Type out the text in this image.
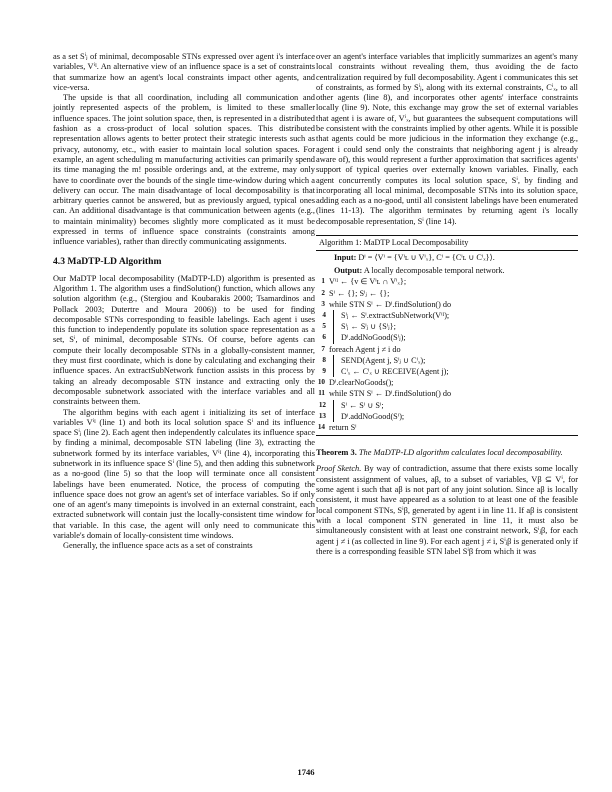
as a set Sⁱⱼ of minimal, decomposable STNs expressed over agent i's interface variables, Vⁱᴵ. An alternative view of an influence space is a set of constraints that summarize how an agent's local constraints impact other agents, and vice-versa.

The upside is that all coordination, including all communication and jointly represented aspects of the problem, is limited to these smaller influence spaces. The joint solution space, then, is represented in a distributed fashion as a cross-product of local solution spaces. This distributed representation allows agents to better protect their strategic interests such as privacy, autonomy, etc., with easier to maintain local solution spaces. For example, an agent scheduling m manufacturing activities can primarily spend its time managing the m! possible orderings and, at the extreme, may only have to coordinate over the bounds of the single time-window during which a delivery can occur. The main disadvantage of local decomposability is that arbitrary queries cannot be answered, but as previously argued, typical ones can. An additional disadvantage is that communication between agents (e.g., to maintain minimality) becomes slightly more complicated as it must be expressed in terms of influence space constraints (constraints among influence variables), rather than directly communicating assignments.

4.3 MaDTP-LD Algorithm

Our MaDTP local decomposability (MaDTP-LD) algorithm is presented as Algorithm 1. The algorithm uses a findSolution() function, which allows any solution algorithm (e.g., (Stergiou and Koubarakis 2000; Tsamardinos and Pollack 2003; Dutertre and Moura 2006)) to be used for finding decomposable STNs corresponding to feasible labelings. Each agent i uses this function to independently populate its solution space representation as a set, Sⁱ, of minimal, decomposable STNs. Of course, before agents can compute their locally decomposable STNs in a globally-consistent manner, they must first coordinate, which is done by calculating and exchanging their influence spaces. An extractSubNetwork function assists in this process by taking an already decomposable STN instance and extracting only the decomposable subnetwork associated with the interface variables and all constraints between them.

The algorithm begins with each agent i initializing its set of interface variables Vⁱᴵ (line 1) and both its local solution space Sⁱ and its influence space Sⁱⱼ (line 2). Each agent then independently calculates its influence space by finding a minimal, decomposable STN labeling (line 3), extracting the subnetwork formed by its interface variables, Vⁱᴵ (line 4), incorporating this subnetwork in its influence space Sⁱ (line 5), and then adding this subnetwork as a no-good (line 5) so that the loop will terminate once all consistent labelings have been enumerated. Notice, the process of computing the influence space does not grow an agent's set of interface variables. So if only one of an agent's many timepoints is involved in an external constraint, each extracted subnetwork will contain just the locally-consistent time window for that variable. In this case, the agent will only need to communicate this variable's domain of locally-consistent time windows.

Generally, the influence space acts as a set of constraints

over an agent's interface variables that implicitly summarizes an agent's many local constraints without revealing them, thus avoiding the de facto centralization required by full decomposability. Agent i communicates this set of constraints, as formed by Sⁱⱼ, along with its external constraints, Cⁱₓ, to all other agents (line 8), and incorporates other agents' interface constraints locally (line 9). Note, this exchange may grow the set of external variables that agent i is aware of, Vⁱₓ, but guarantees the subsequent computations will be consistent with the constraints implied by other agents. While it is possible that agents could be more judicious in the information they exchange (e.g., agent i could send only the constraints that neighboring agent j is already aware of), this would represent a further approximation that sacrifices agents' support of typical queries over externally known variables. Finally, each agent concurrently computes its local solution space, Sⁱ, by finding and incorporating all local minimal, decomposable STNs into its solution space, adding each as a no-good, until all consistent labelings have been enumerated (lines 11-13). The algorithm terminates by returning agent i's locally decomposable representation, Sⁱ (line 14).

Algorithm 1: MaDTP Local Decomposability
Input: Dⁱ = ⟨Vⁱ = {Vⁱʟ ∪ Vⁱₓ}, Cⁱ = {Cⁱʟ ∪ Cⁱₓ}⟩.
Output: A locally decomposable temporal network.
1 Vⁱᴵ ← {v ∈ Vⁱʟ ∩ Vⁱₓ};
2 Sⁱ ← {}; Sⁱⱼ ← {};
3 while STN Sⁱ ← Dⁱ.findSolution() do
4 Sⁱⱼ ← Sⁱ.extractSubNetwork(Vⁱᴵ);
5 Sⁱⱼ ← Sⁱⱼ ∪ {Sⁱⱼ};
6 Dⁱ.addNoGood(Sⁱⱼ);
7 foreach Agent j ≠ i do
8 SEND(Agent j, Sⁱⱼ ∪ Cⁱₓ);
9 Cⁱₓ ← Cⁱₓ ∪ RECEIVE(Agent j);
10 Dⁱ.clearNoGoods();
11 while STN Sⁱ ← Dⁱ.findSolution() do
12 Sⁱ ← Sⁱ ∪ Sⁱ;
13 Dⁱ.addNoGood(Sⁱ);
14 return Sⁱ

Theorem 3. The MaDTP-LD algorithm calculates local decomposability.

Proof Sketch. By way of contradiction, assume that there exists some locally consistent assignment of values, aβ, to a subset of variables, Vβ ⊆ Vⁱ, for some agent i such that aβ is not part of any joint solution. Since aβ is locally consistent, it must have appeared as a solution to at least one of the feasible local component STNs, Sⁱβ, generated by agent i in line 11. If aβ is consistent with a local component STN generated in line 11, it must also be simultaneously consistent with at least one constraint network, Sⁱⱼβ, for each agent j ≠ i (as collected in line 9). For each agent j ≠ i, Sⁱⱼβ is generated only if there is a corresponding feasible STN label Sⁱβ from which it was

1746
